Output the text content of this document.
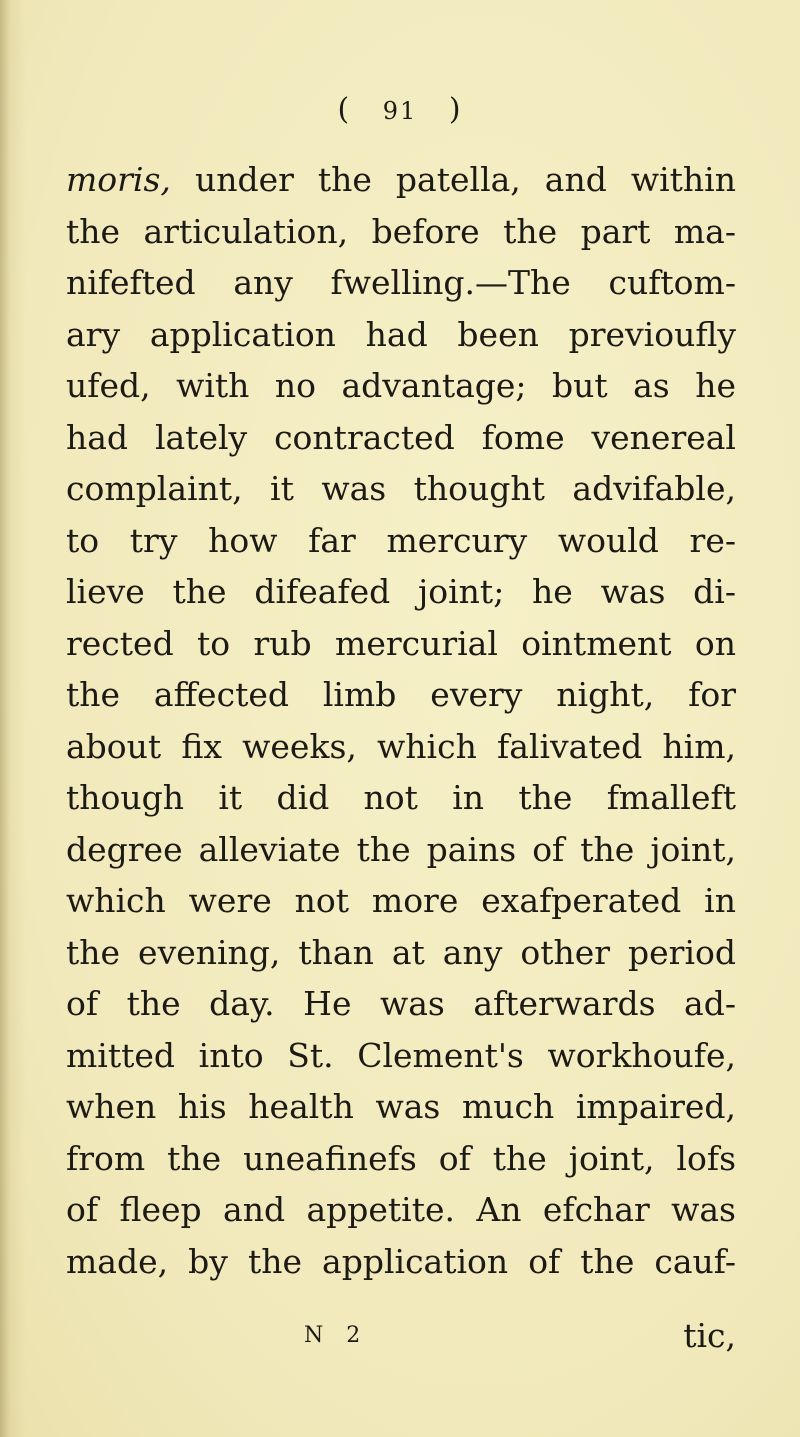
( 91 )
moris, under the patella, and within
the articulation, before the part ma-
nifefted any fwelling.—The cuftom-
ary application had been previoufly
ufed, with no advantage; but as he
had lately contracted fome venereal
complaint, it was thought advifable,
to try how far mercury would re-
lieve the difeafed joint; he was di-
rected to rub mercurial ointment on
the affected limb every night, for
about fix weeks, which falivated him,
though it did not in the fmalleft
degree alleviate the pains of the joint,
which were not more exafperated in
the evening, than at any other period
of the day. He was afterwards ad-
mitted into St. Clement's workhoufe,
when his health was much impaired,
from the uneafinefs of the joint, lofs
of fleep and appetite. An efchar was
made, by the application of the cauf-
N 2	tic,
